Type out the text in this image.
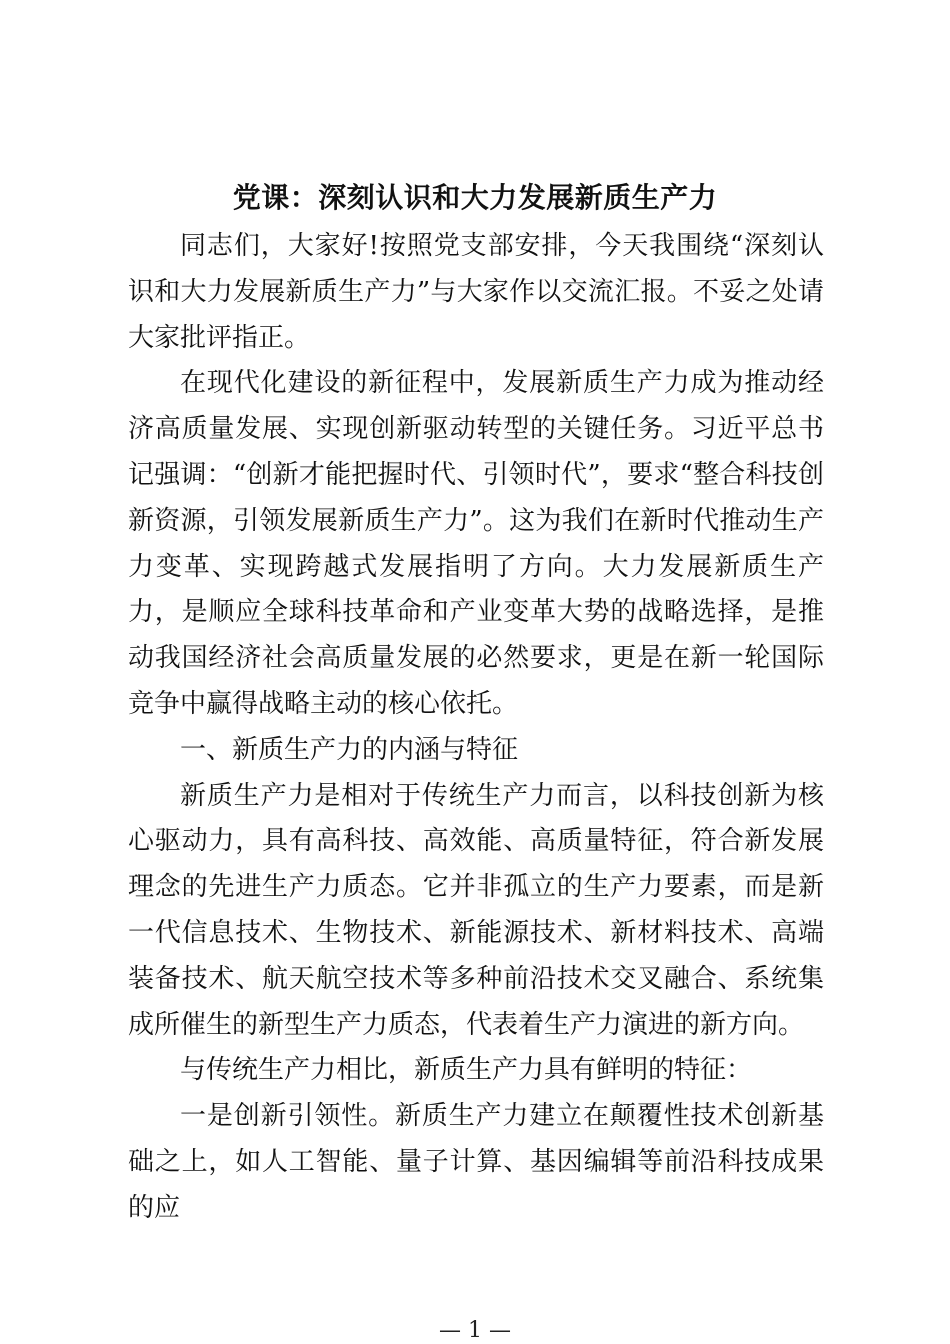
党课：深刻认识和大力发展新质生产力

同志们，大家好!按照党支部安排，今天我围绕“深刻认识和大力发展新质生产力”与大家作以交流汇报。不妥之处请大家批评指正。

在现代化建设的新征程中，发展新质生产力成为推动经济高质量发展、实现创新驱动转型的关键任务。习近平总书记强调：“创新才能把握时代、引领时代”，要求“整合科技创新资源，引领发展新质生产力”。这为我们在新时代推动生产力变革、实现跨越式发展指明了方向。大力发展新质生产力，是顺应全球科技革命和产业变革大势的战略选择，是推动我国经济社会高质量发展的必然要求，更是在新一轮国际竞争中赢得战略主动的核心依托。

一、新质生产力的内涵与特征

新质生产力是相对于传统生产力而言，以科技创新为核心驱动力，具有高科技、高效能、高质量特征，符合新发展理念的先进生产力质态。它并非孤立的生产力要素，而是新一代信息技术、生物技术、新能源技术、新材料技术、高端装备技术、航天航空技术等多种前沿技术交叉融合、系统集成所催生的新型生产力质态，代表着生产力演进的新方向。

与传统生产力相比，新质生产力具有鲜明的特征：

一是创新引领性。新质生产力建立在颠覆性技术创新基础之上，如人工智能、量子计算、基因编辑等前沿科技成果的应

— 1 —
